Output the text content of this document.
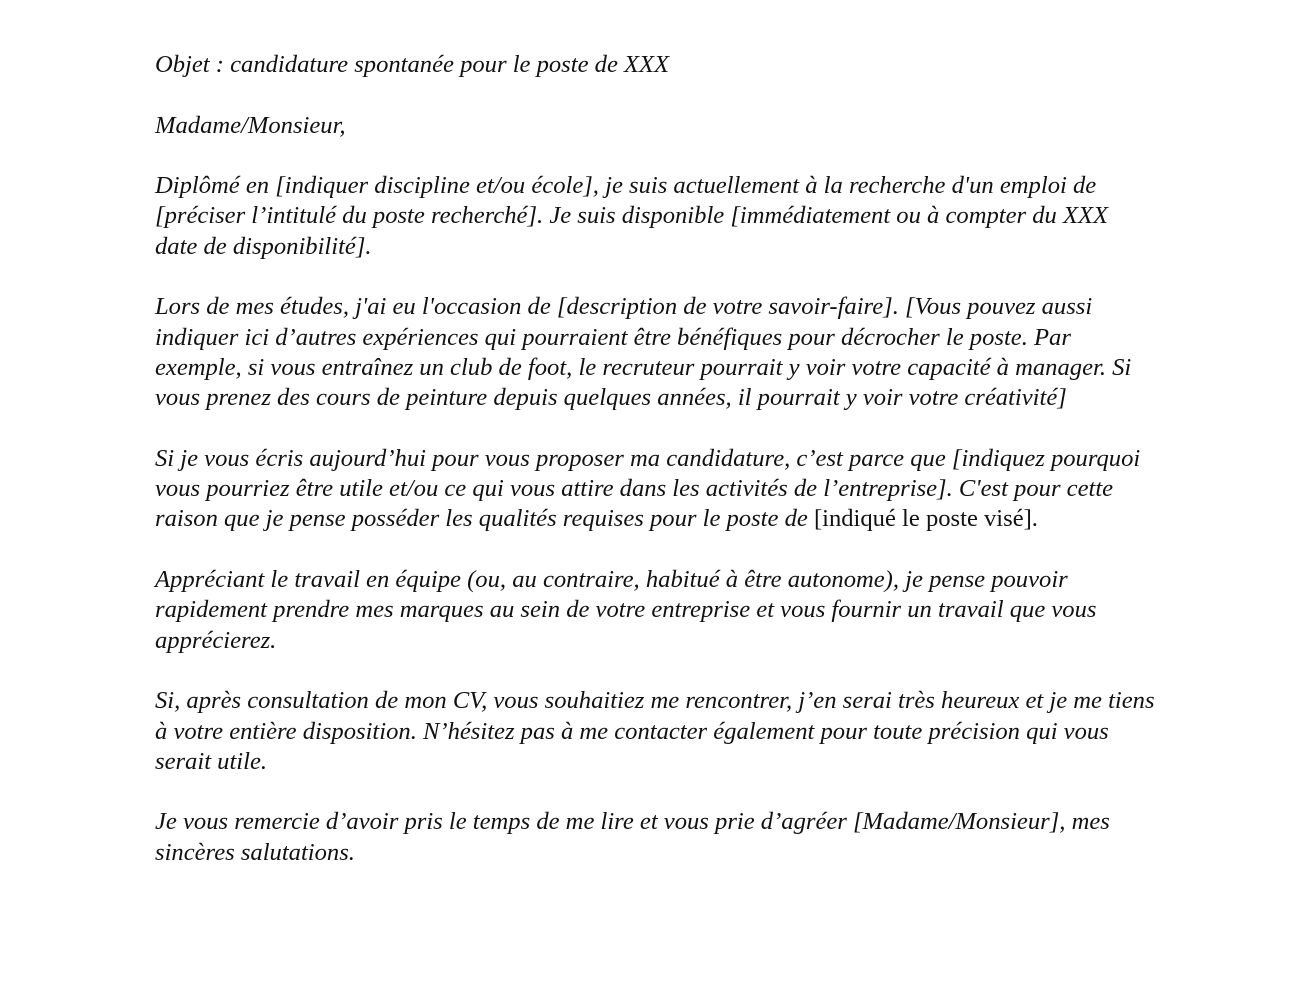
Objet : candidature spontanée pour le poste de XXX

Madame/Monsieur,

Diplômé en [indiquer discipline et/ou école], je suis actuellement à la recherche d'un emploi de [préciser l’intitulé du poste recherché]. Je suis disponible [immédiatement ou à compter du XXX date de disponibilité].

Lors de mes études, j'ai eu l'occasion de [description de votre savoir-faire]. [Vous pouvez aussi indiquer ici d’autres expériences qui pourraient être bénéfiques pour décrocher le poste. Par exemple, si vous entraînez un club de foot, le recruteur pourrait y voir votre capacité à manager. Si vous prenez des cours de peinture depuis quelques années, il pourrait y voir votre créativité]

Si je vous écris aujourd’hui pour vous proposer ma candidature, c’est parce que [indiquez pourquoi vous pourriez être utile et/ou ce qui vous attire dans les activités de l’entreprise]. C'est pour cette raison que je pense posséder les qualités requises pour le poste de [indiqué le poste visé].

Appréciant le travail en équipe (ou, au contraire, habitué à être autonome), je pense pouvoir rapidement prendre mes marques au sein de votre entreprise et vous fournir un travail que vous apprécierez.

Si, après consultation de mon CV, vous souhaitiez me rencontrer, j’en serai très heureux et je me tiens à votre entière disposition. N’hésitez pas à me contacter également pour toute précision qui vous serait utile.

Je vous remercie d’avoir pris le temps de me lire et vous prie d’agréer [Madame/Monsieur], mes sincères salutations.
